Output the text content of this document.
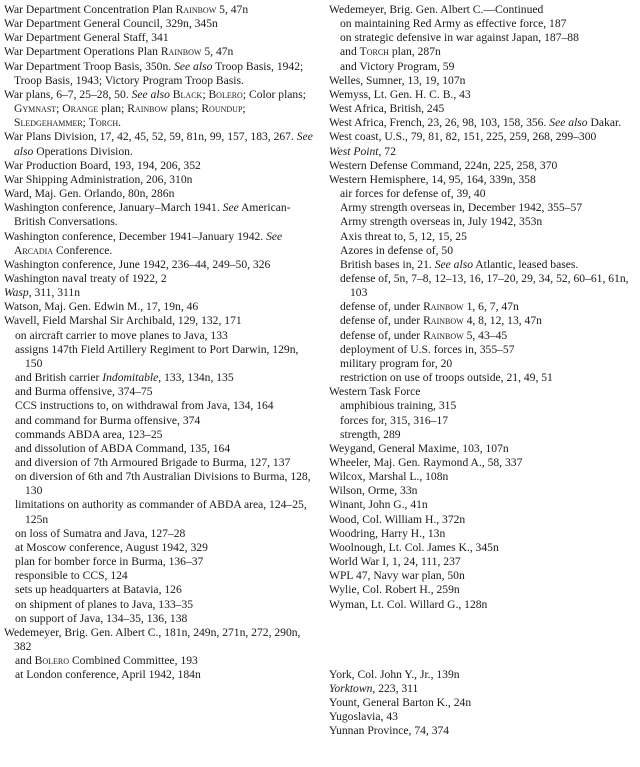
War Department Concentration Plan Rainbow 5, 47n
War Department General Council, 329n, 345n
War Department General Staff, 341
War Department Operations Plan Rainbow 5, 47n
War Department Troop Basis, 350n. See also Troop Basis, 1942; Troop Basis, 1943; Victory Program Troop Basis.
War plans, 6–7, 25–28, 50. See also Black; Bolero; Color plans; Gymnast; Orange plan; Rainbow plans; Roundup; Sledgehammer; Torch.
War Plans Division, 17, 42, 45, 52, 59, 81n, 99, 157, 183, 267. See also Operations Division.
War Production Board, 193, 194, 206, 352
War Shipping Administration, 206, 310n
Ward, Maj. Gen. Orlando, 80n, 286n
Washington conference, January–March 1941. See American-British Conversations.
Washington conference, December 1941–January 1942. See Arcadia Conference.
Washington conference, June 1942, 236–44, 249–50, 326
Washington naval treaty of 1922, 2
Wasp, 311, 311n
Watson, Maj. Gen. Edwin M., 17, 19n, 46
Wavell, Field Marshal Sir Archibald, 129, 132, 171
on aircraft carrier to move planes to Java, 133
assigns 147th Field Artillery Regiment to Port Darwin, 129n, 150
and British carrier Indomitable, 133, 134n, 135
and Burma offensive, 374–75
CCS instructions to, on withdrawal from Java, 134, 164
and command for Burma offensive, 374
commands ABDA area, 123–25
and dissolution of ABDA Command, 135, 164
and diversion of 7th Armoured Brigade to Burma, 127, 137
on diversion of 6th and 7th Australian Divisions to Burma, 128, 130
limitations on authority as commander of ABDA area, 124–25, 125n
on loss of Sumatra and Java, 127–28
at Moscow conference, August 1942, 329
plan for bomber force in Burma, 136–37
responsible to CCS, 124
sets up headquarters at Batavia, 126
on shipment of planes to Java, 133–35
on support of Java, 134–35, 136, 138
Wedemeyer, Brig. Gen. Albert C., 181n, 249n, 271n, 272, 290n, 382
and Bolero Combined Committee, 193
at London conference, April 1942, 184n
Wedemeyer, Brig. Gen. Albert C.—Continued
on maintaining Red Army as effective force, 187
on strategic defensive in war against Japan, 187–88
and Torch plan, 287n
and Victory Program, 59
Welles, Sumner, 13, 19, 107n
Wemyss, Lt. Gen. H. C. B., 43
West Africa, British, 245
West Africa, French, 23, 26, 98, 103, 158, 356. See also Dakar.
West coast, U.S., 79, 81, 82, 151, 225, 259, 268, 299–300
West Point, 72
Western Defense Command, 224n, 225, 258, 370
Western Hemisphere, 14, 95, 164, 339n, 358
air forces for defense of, 39, 40
Army strength overseas in, December 1942, 355–57
Army strength overseas in, July 1942, 353n
Axis threat to, 5, 12, 15, 25
Azores in defense of, 50
British bases in, 21. See also Atlantic, leased bases.
defense of, 5n, 7–8, 12–13, 16, 17–20, 29, 34, 52, 60–61, 61n, 103
defense of, under Rainbow 1, 6, 7, 47n
defense of, under Rainbow 4, 8, 12, 13, 47n
defense of, under Rainbow 5, 43–45
deployment of U.S. forces in, 355–57
military program for, 20
restriction on use of troops outside, 21, 49, 51
Western Task Force
amphibious training, 315
forces for, 315, 316–17
strength, 289
Weygand, General Maxime, 103, 107n
Wheeler, Maj. Gen. Raymond A., 58, 337
Wilcox, Marshal L., 108n
Wilson, Orme, 33n
Winant, John G., 41n
Wood, Col. William H., 372n
Woodring, Harry H., 13n
Woolnough, Lt. Col. James K., 345n
World War I, 1, 24, 111, 237
WPL 47, Navy war plan, 50n
Wylie, Col. Robert H., 259n
Wyman, Lt. Col. Willard G., 128n
York, Col. John Y., Jr., 139n
Yorktown, 223, 311
Yount, General Barton K., 24n
Yugoslavia, 43
Yunnan Province, 74, 374
